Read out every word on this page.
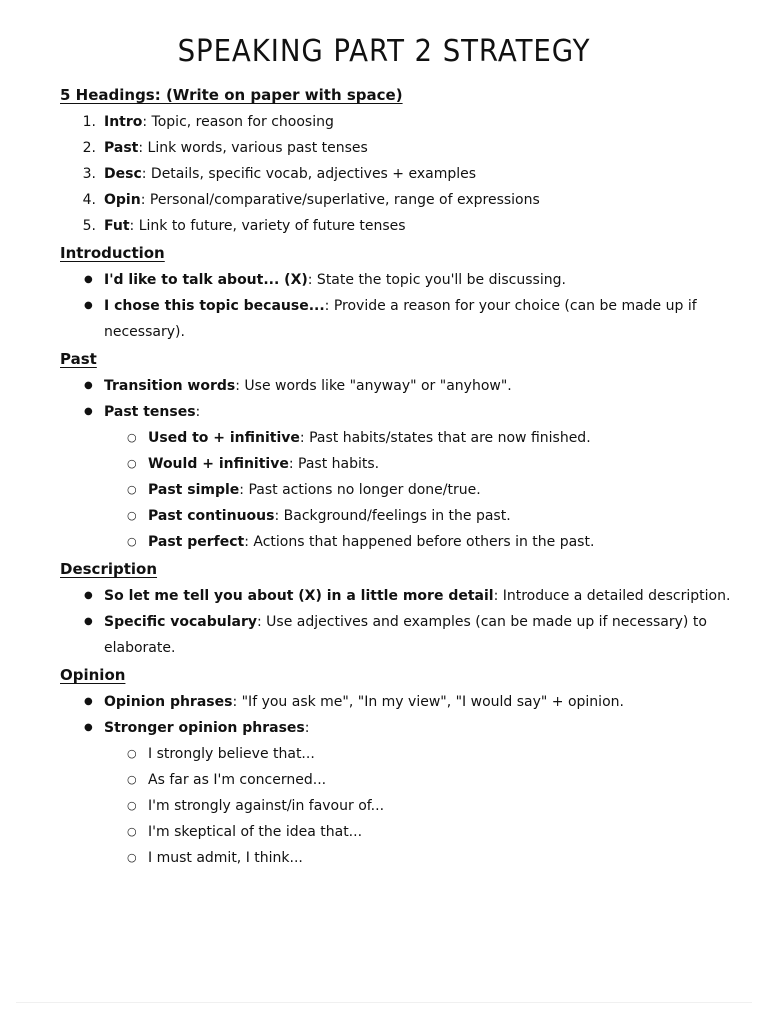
SPEAKING PART 2 STRATEGY
5 Headings: (Write on paper with space)
1. Intro: Topic, reason for choosing
2. Past: Link words, various past tenses
3. Desc: Details, specific vocab, adjectives + examples
4. Opin: Personal/comparative/superlative, range of expressions
5. Fut: Link to future, variety of future tenses
Introduction
● I'd like to talk about... (X): State the topic you'll be discussing.
● I chose this topic because...: Provide a reason for your choice (can be made up if
necessary).
Past
● Transition words: Use words like "anyway" or "anyhow".
● Past tenses:
○ Used to + infinitive: Past habits/states that are now finished.
○ Would + infinitive: Past habits.
○ Past simple: Past actions no longer done/true.
○ Past continuous: Background/feelings in the past.
○ Past perfect: Actions that happened before others in the past.
Description
● So let me tell you about (X) in a little more detail: Introduce a detailed description.
● Specific vocabulary: Use adjectives and examples (can be made up if necessary) to
elaborate.
Opinion
● Opinion phrases: "If you ask me", "In my view", "I would say" + opinion.
● Stronger opinion phrases:
○ I strongly believe that...
○ As far as I'm concerned...
○ I'm strongly against/in favour of...
○ I'm skeptical of the idea that...
○ I must admit, I think...
